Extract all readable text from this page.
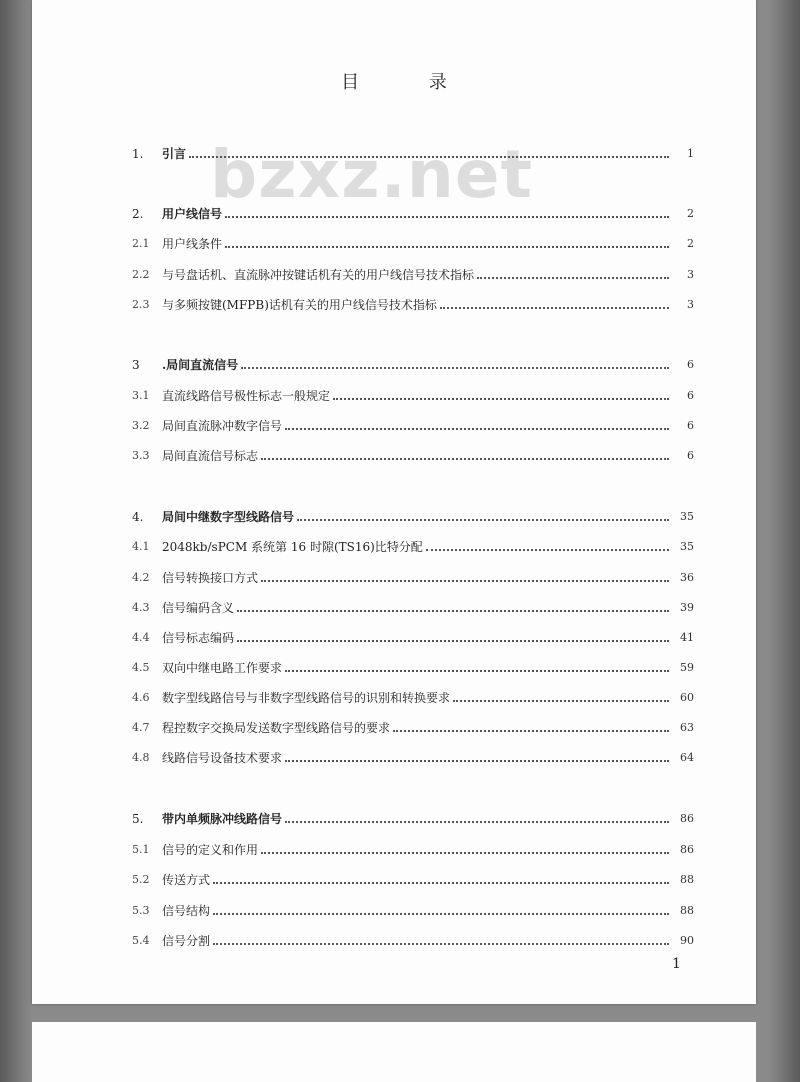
目 录
bzxz.net
1.	引言	1
2.	用户线信号	2
2.1	用户线条件	2
2.2	与号盘话机、直流脉冲按键话机有关的用户线信号技术指标	3
2.3	与多频按键(MFPB)话机有关的用户线信号技术指标	3
3	.局间直流信号	6
3.1	直流线路信号极性标志一般规定	6
3.2	局间直流脉冲数字信号	6
3.3	局间直流信号标志	6
4.	局间中继数字型线路信号	35
4.1	2048kb/sPCM 系统第 16 时隙(TS16)比特分配	35
4.2	信号转换接口方式	36
4.3	信号编码含义	39
4.4	信号标志编码	41
4.5	双向中继电路工作要求	59
4.6	数字型线路信号与非数字型线路信号的识别和转换要求	60
4.7	程控数字交换局发送数字型线路信号的要求	63
4.8	线路信号设备技术要求	64
5.	带内单频脉冲线路信号	86
5.1	信号的定义和作用	86
5.2	传送方式	88
5.3	信号结构	88
5.4	信号分割	90
1
